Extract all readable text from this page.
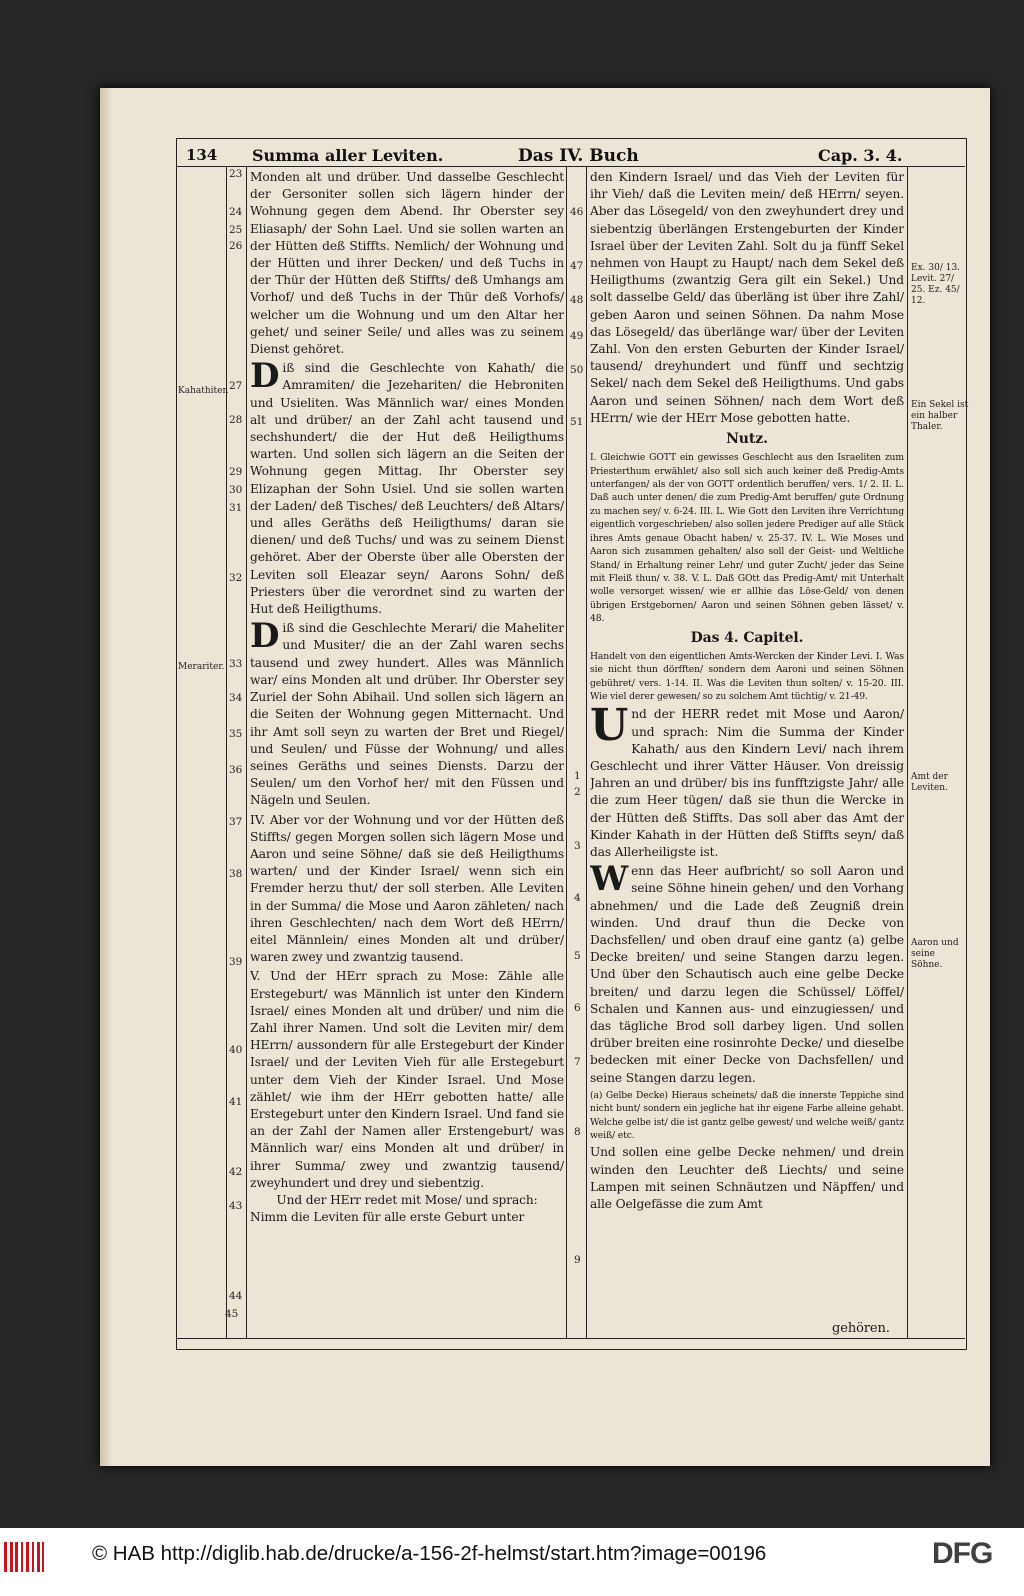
134 Summa aller Leviten.	Das IV. Buch	Cap. 3. 4.
Kahathiter.
Merariter.
Ex. 30/ 13. Levit. 27/ 25. Ez. 45/ 12.
Ein Sekel ist ein halber Thaler.
Amt der Leviten.
Aaron und seine Söhne.
23
24
25
26
27
28
29
30
31
32
33
34
35
36
37
38
39
40
41
42
43
44
45
46
47
48
49
50
51
1
2
3
4
5
6
7
8
9

Monden alt und drüber. Und dasselbe Geschlecht der Gersoniter sollen sich lägern hinder der Wohnung gegen dem Abend. Ihr Oberster sey Eliasaph/ der Sohn Lael. Und sie sollen warten an der Hütten deß Stiffts. Nemlich/ der Wohnung und der Hütten und ihrer Decken/ und deß Tuchs in der Thür der Hütten deß Stiffts/ deß Umhangs am Vorhof/ und deß Tuchs in der Thür deß Vorhofs/ welcher um die Wohnung und um den Altar her gehet/ und seiner Seile/ und alles was zu seinem Dienst gehöret.

Diß sind die Geschlechte von Kahath/ die Amramiten/ die Jezehariten/ die Hebroniten und Usieliten. Was Männlich war/ eines Monden alt und drüber/ an der Zahl acht tausend und sechshundert/ die der Hut deß Heiligthums warten. Und sollen sich lägern an die Seiten der Wohnung gegen Mittag. Ihr Oberster sey Elizaphan der Sohn Usiel. Und sie sollen warten der Laden/ deß Tisches/ deß Leuchters/ deß Altars/ und alles Geräths deß Heiligthums/ daran sie dienen/ und deß Tuchs/ und was zu seinem Dienst gehöret. Aber der Oberste über alle Obersten der Leviten soll Eleazar seyn/ Aarons Sohn/ deß Priesters über die verordnet sind zu warten der Hut deß Heiligthums.

Diß sind die Geschlechte Merari/ die Maheliter und Musiter/ die an der Zahl waren sechs tausend und zwey hundert. Alles was Männlich war/ eins Monden alt und drüber. Ihr Oberster sey Zuriel der Sohn Abihail. Und sollen sich lägern an die Seiten der Wohnung gegen Mitternacht. Und ihr Amt soll seyn zu warten der Bret und Riegel/ und Seulen/ und Füsse der Wohnung/ und alles seines Geräths und seines Diensts. Darzu der Seulen/ um den Vorhof her/ mit den Füssen und Nägeln und Seulen.

IV. Aber vor der Wohnung und vor der Hütten deß Stiffts/ gegen Morgen sollen sich lägern Mose und Aaron und seine Söhne/ daß sie deß Heiligthums warten/ und der Kinder Israel/ wenn sich ein Fremder herzu thut/ der soll sterben. Alle Leviten in der Summa/ die Mose und Aaron zähleten/ nach ihren Geschlechten/ nach dem Wort deß HErrn/ eitel Männlein/ eines Monden alt und drüber/ waren zwey und zwantzig tausend.

V. Und der HErr sprach zu Mose: Zähle alle Erstegeburt/ was Männlich ist unter den Kindern Israel/ eines Monden alt und drüber/ und nim die Zahl ihrer Namen. Und solt die Leviten mir/ dem HErrn/ aussondern für alle Erstegeburt der Kinder Israel/ und der Leviten Vieh für alle Erstegeburt unter dem Vieh der Kinder Israel. Und Mose zählet/ wie ihm der HErr gebotten hatte/ alle Erstegeburt unter den Kindern Israel. Und fand sie an der Zahl der Namen aller Erstengeburt/ was Männlich war/ eins Monden alt und drüber/ in ihrer Summa/ zwey und zwantzig tausend/ zweyhundert und drey und siebentzig.

Und der HErr redet mit Mose/ und sprach:

Nimm die Leviten für alle erste Geburt unter

den Kindern Israel/ und das Vieh der Leviten für ihr Vieh/ daß die Leviten mein/ deß HErrn/ seyen. Aber das Lösegeld/ von den zweyhundert drey und siebentzig überlängen Erstengeburten der Kinder Israel über der Leviten Zahl. Solt du ja fünff Sekel nehmen von Haupt zu Haupt/ nach dem Sekel deß Heiligthums (zwantzig Gera gilt ein Sekel.) Und solt dasselbe Geld/ das überläng ist über ihre Zahl/ geben Aaron und seinen Söhnen. Da nahm Mose das Lösegeld/ das überlänge war/ über der Leviten Zahl. Von den ersten Geburten der Kinder Israel/ tausend/ dreyhundert und fünff und sechtzig Sekel/ nach dem Sekel deß Heiligthums. Und gabs Aaron und seinen Söhnen/ nach dem Wort deß HErrn/ wie der HErr Mose gebotten hatte.

Nutz.

I. Gleichwie GOTT ein gewisses Geschlecht aus den Israeliten zum Priesterthum erwählet/ also soll sich auch keiner deß Predig-Amts unterfangen/ als der von GOTT ordentlich beruffen/ vers. 1/ 2. II. L. Daß auch unter denen/ die zum Predig-Amt beruffen/ gute Ordnung zu machen sey/ v. 6-24. III. L. Wie Gott den Leviten ihre Verrichtung eigentlich vorgeschrieben/ also sollen jedere Prediger auf alle Stück ihres Amts genaue Obacht haben/ v. 25-37. IV. L. Wie Moses und Aaron sich zusammen gehalten/ also soll der Geist- und Weltliche Stand/ in Erhaltung reiner Lehr/ und guter Zucht/ jeder das Seine mit Fleiß thun/ v. 38. V. L. Daß GOtt das Predig-Amt/ mit Unterhalt wolle versorget wissen/ wie er allhie das Löse-Geld/ von denen übrigen Erstgebornen/ Aaron und seinen Söhnen geben lässet/ v. 48.

Das 4. Capitel.

Handelt von den eigentlichen Amts-Wercken der Kinder Levi. I. Was sie nicht thun dörfften/ sondern dem Aaroni und seinen Söhnen gebühret/ vers. 1-14. II. Was die Leviten thun solten/ v. 15-20. III. Wie viel derer gewesen/ so zu solchem Amt tüchtig/ v. 21-49.

Und der HERR redet mit Mose und Aaron/ und sprach: Nim die Summa der Kinder Kahath/ aus den Kindern Levi/ nach ihrem Geschlecht und ihrer Vätter Häuser. Von dreissig Jahren an und drüber/ bis ins funfftzigste Jahr/ alle die zum Heer tügen/ daß sie thun die Wercke in der Hütten deß Stiffts. Das soll aber das Amt der Kinder Kahath in der Hütten deß Stiffts seyn/ daß das Allerheiligste ist.

Wenn das Heer aufbricht/ so soll Aaron und seine Söhne hinein gehen/ und den Vorhang abnehmen/ und die Lade deß Zeugniß drein winden. Und drauf thun die Decke von Dachsfellen/ und oben drauf eine gantz (a) gelbe Decke breiten/ und seine Stangen darzu legen. Und über den Schautisch auch eine gelbe Decke breiten/ und darzu legen die Schüssel/ Löffel/ Schalen und Kannen aus- und einzugiessen/ und das tägliche Brod soll darbey ligen. Und sollen drüber breiten eine rosinrohte Decke/ und dieselbe bedecken mit einer Decke von Dachsfellen/ und seine Stangen darzu legen.

(a) Gelbe Decke) Hieraus scheinets/ daß die innerste Teppiche sind nicht bunt/ sondern ein jegliche hat ihr eigene Farbe alleine gehabt. Welche gelbe ist/ die ist gantz gelbe gewest/ und welche weiß/ gantz weiß/ etc.

Und sollen eine gelbe Decke nehmen/ und drein winden den Leuchter deß Liechts/ und seine Lampen mit seinen Schnäutzen und Näpffen/ und alle Oelgefässe die zum Amt

gehören.
© HAB http://diglib.hab.de/drucke/a-156-2f-helmst/start.htm?image=00196	DFG
